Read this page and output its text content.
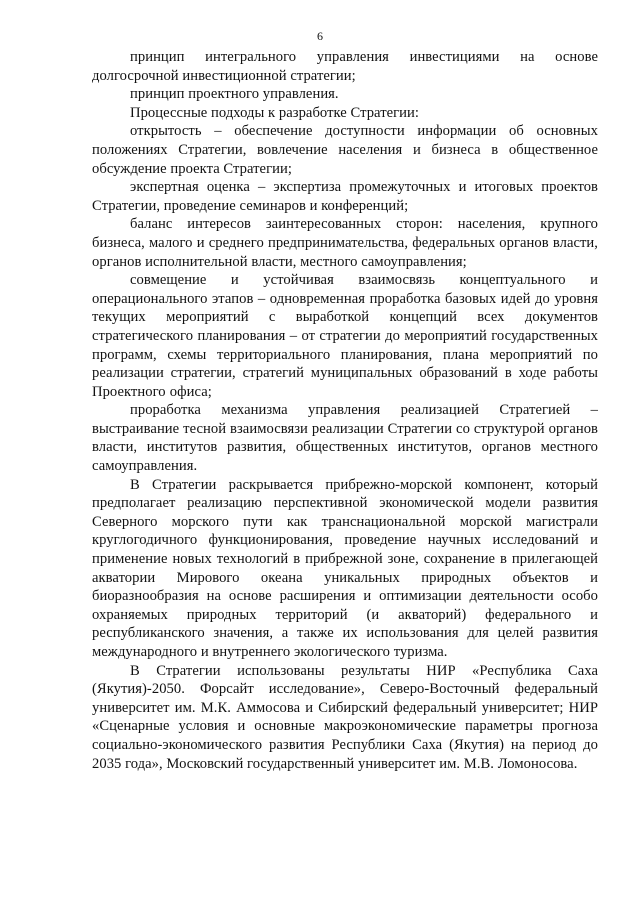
6

принцип интегрального управления инвестициями на основе долгосрочной инвестиционной стратегии;

принцип проектного управления.

Процессные подходы к разработке Стратегии:

открытость – обеспечение доступности информации об основных положениях Стратегии, вовлечение населения и бизнеса в общественное обсуждение проекта Стратегии;

экспертная оценка – экспертиза промежуточных и итоговых проектов Стратегии, проведение семинаров и конференций;

баланс интересов заинтересованных сторон: населения, крупного бизнеса, малого и среднего предпринимательства, федеральных органов власти, органов исполнительной власти, местного самоуправления;

совмещение и устойчивая взаимосвязь концептуального и операционального этапов – одновременная проработка базовых идей до уровня текущих мероприятий с выработкой концепций всех документов стратегического планирования – от стратегии до мероприятий государственных программ, схемы территориального планирования, плана мероприятий по реализации стратегии, стратегий муниципальных образований в ходе работы Проектного офиса;

проработка механизма управления реализацией Стратегией – выстраивание тесной взаимосвязи реализации Стратегии со структурой органов власти, институтов развития, общественных институтов, органов местного самоуправления.

В Стратегии раскрывается прибрежно-морской компонент, который предполагает реализацию перспективной экономической модели развития Северного морского пути как транснациональной морской магистрали круглогодичного функционирования, проведение научных исследований и применение новых технологий в прибрежной зоне, сохранение в прилегающей акватории Мирового океана уникальных природных объектов и биоразнообразия на основе расширения и оптимизации деятельности особо охраняемых природных территорий (и акваторий) федерального и республиканского значения, а также их использования для целей развития международного и внутреннего экологического туризма.

В Стратегии использованы результаты НИР «Республика Саха (Якутия)-2050. Форсайт исследование», Северо-Восточный федеральный университет им. М.К. Аммосова и Сибирский федеральный университет; НИР «Сценарные условия и основные макроэкономические параметры прогноза социально-экономического развития Республики Саха (Якутия) на период до 2035 года», Московский государственный университет им. М.В. Ломоносова.
